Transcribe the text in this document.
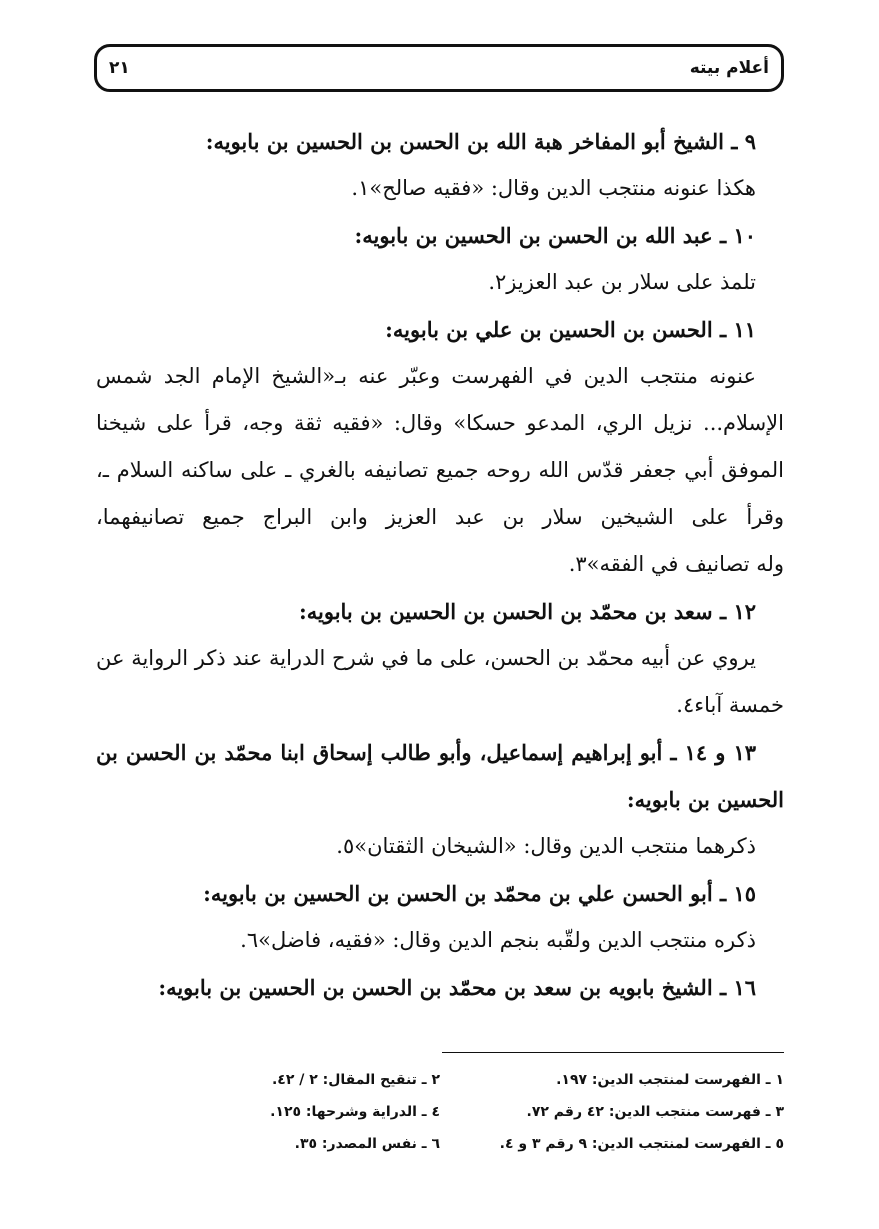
أعلام بيته
٢١
٩ ـ الشيخ أبو المفاخر هبة الله بن الحسن بن الحسين بن بابويه:
هكذا عنونه منتجب الدين وقال: «فقيه صالح»١.
١٠ ـ عبد الله بن الحسن بن الحسين بن بابويه:
تلمذ على سلار بن عبد العزيز٢.
١١ ـ الحسن بن الحسين بن علي بن بابويه:
عنونه منتجب الدين في الفهرست وعبّر عنه بـ«الشيخ الإمام الجد شمس
الإسلام... نزيل الري، المدعو حسكا» وقال: «فقيه ثقة وجه، قرأ على شيخنا
الموفق أبي جعفر قدّس الله روحه جميع تصانيفه بالغري ـ على ساكنه السلام ـ،
وقرأ على الشيخين سلار بن عبد العزيز وابن البراج جميع تصانيفهما،
وله تصانيف في الفقه»٣.
١٢ ـ سعد بن محمّد بن الحسن بن الحسين بن بابويه:
يروي عن أبيه محمّد بن الحسن، على ما في شرح الدراية عند ذكر الرواية عن
خمسة آباء٤.
١٣ و ١٤ ـ أبو إبراهيم إسماعيل، وأبو طالب إسحاق ابنا محمّد بن الحسن بن
الحسين بن بابويه:
ذكرهما منتجب الدين وقال: «الشيخان الثقتان»٥.
١٥ ـ أبو الحسن علي بن محمّد بن الحسن بن الحسين بن بابويه:
ذكره منتجب الدين ولقّبه بنجم الدين وقال: «فقيه، فاضل»٦.
١٦ ـ الشيخ بابويه بن سعد بن محمّد بن الحسن بن الحسين بن بابويه:
١ ـ الفهرست لمنتجب الدين: ١٩٧.
٢ ـ تنقيح المقال: ٢ / ٤٢.
٣ ـ فهرست منتجب الدين: ٤٢ رقم ٧٢.
٤ ـ الدراية وشرحها: ١٢٥.
٥ ـ الفهرست لمنتجب الدين: ٩ رقم ٣ و ٤.
٦ ـ نفس المصدر: ٣٥.
